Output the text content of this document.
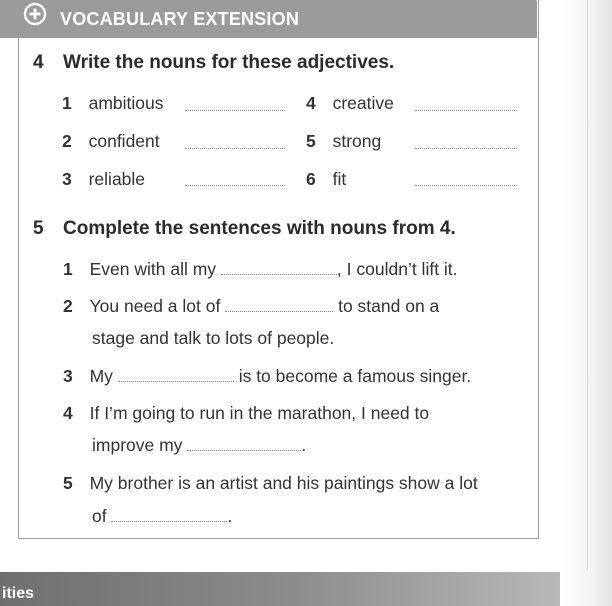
VOCABULARY EXTENSION
4 Write the nouns for these adjectives.
1 ambitious
2 confident
3 reliable
4 creative
5 strong
6 fit
5 Complete the sentences with nouns from 4.
1 Even with all my	, I couldn’t lift it.
2 You need a lot of	to stand on a
stage and talk to lots of people.
3 My	is to become a famous singer.
4 If I’m going to run in the marathon, I need to
improve my	.
5 My brother is an artist and his paintings show a lot
of	.
ities
